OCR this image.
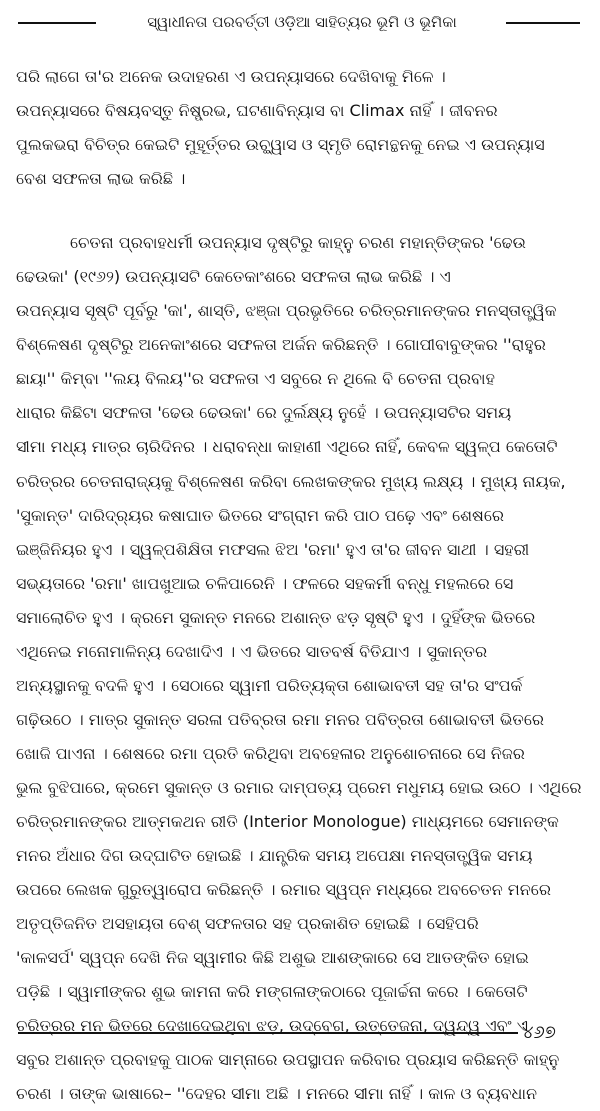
ସ୍ୱାଧୀନତା ପରବର୍ତ୍ତୀ ଓଡ଼ିଆ ସାହିତ୍ୟର ଭୂମି ଓ ଭୂମିକା
ପରି ଲାଗେ ତା'ର ଅନେକ ଉଦାହରଣ ଏ ଉପନ୍ୟାସରେ ଦେଖିବାକୁ ମିଳେ ।
ଉପନ୍ୟାସରେ ବିଷୟବସ୍ତୁ ନିଷ୍ପ୍ରଭ, ଘଟଣାବିନ୍ୟାସ ବା Climax ନାହିଁ । ଜୀବନର
ପୁଲକଭରା ବିଚିତ୍ର କେଇଟି ମୁହୂର୍ତ୍ତର ଉଚ୍ଛ୍ୱାସ ଓ ସ୍ମୃତି ରୋମନ୍ଥନକୁ ନେଇ ଏ ଉପନ୍ୟାସ
ବେଶ ସଫଳତା ଲାଭ କରିଛି ।
ଚେତନା ପ୍ରବାହଧର୍ମୀ ଉପନ୍ୟାସ ଦୃଷ୍ଟିରୁ କାହ୍ନୁ ଚରଣ ମହାନ୍ତିଙ୍କର 'ଢେଉ
ଢେଉକା' (୧୯୬୨) ଉପନ୍ୟାସଟି କେତେକାଂଶରେ ସଫଳତା ଲାଭ କରିଛି । ଏ
ଉପନ୍ୟାସ ସୃଷ୍ଟି ପୂର୍ବରୁ 'କା', ଶାସ୍ତି, ଝଞ୍ଜା ପ୍ରଭୃତିରେ ଚରିତ୍ରମାନଙ୍କର ମନସ୍ତାତ୍ତ୍ୱିକ
ବିଶ୍ଳେଷଣ ଦୃଷ୍ଟିରୁ ଅନେକାଂଶରେ ସଫଳତା ଅର୍ଜନ କରିଛନ୍ତି । ଗୋପୀବାବୁଙ୍କର ''ରାହୁର
ଛାୟା'' କିମ୍ବା ''ଲୟ ବିଲୟ''ର ସଫଳତା ଏ ସବୁରେ ନ ଥିଲେ ବି ଚେତନା ପ୍ରବାହ
ଧାରାର କିଛିଟା ସଫଳତା 'ଢେଉ ଢେଉକା' ରେ ଦୁର୍ଲକ୍ଷ୍ୟ ନୁହେଁ । ଉପନ୍ୟାସଟିର ସମୟ
ସୀମା ମଧ୍ୟ ମାତ୍ର ଚାରିଦିନର । ଧରାବନ୍ଧା କାହାଣୀ ଏଥିରେ ନାହିଁ, କେବଳ ସ୍ୱଳ୍ପ କେତୋଟି
ଚରିତ୍ରର ଚେତନାରାଜ୍ୟକୁ ବିଶ୍ଳେଷଣ କରିବା ଲେଖକଙ୍କର ମୁଖ୍ୟ ଲକ୍ଷ୍ୟ । ମୁଖ୍ୟ ନାୟକ,
'ସୁକାନ୍ତ' ଦାରିଦ୍ର୍ୟର କଷାଘାତ ଭିତରେ ସଂଗ୍ରାମ କରି ପାଠ ପଢ଼େ ଏବଂ ଶେଷରେ
ଇଞ୍ଜିନିୟର ହୁଏ । ସ୍ୱଳ୍ପଶିକ୍ଷିତା ମଫସଲ ଝିଅ 'ରମା' ହୁଏ ତା'ର ଜୀବନ ସାଥୀ । ସହରୀ
ସଭ୍ୟତାରେ 'ରମା' ଖାପଖୁଆଇ ଚଳିପାରେନି । ଫଳରେ ସହକର୍ମୀ ବନ୍ଧୁ ମହଲରେ ସେ
ସମାଲୋଚିତ ହୁଏ । କ୍ରମେ ସୁକାନ୍ତ ମନରେ ଅଶାନ୍ତ ଝଡ଼ ସୃଷ୍ଟି ହୁଏ । ଦୁହିଁଙ୍କ ଭିତରେ
ଏଥିନେଇ ମନୋମାଳିନ୍ୟ ଦେଖାଦିଏ । ଏ ଭିତରେ ସାତବର୍ଷ ବିତିଯାଏ । ସୁକାନ୍ତର
ଅନ୍ୟସ୍ଥାନକୁ ବଦଳି ହୁଏ । ସେଠାରେ ସ୍ୱାମୀ ପରିତ୍ୟକ୍ତା ଶୋଭାବତୀ ସହ ତା'ର ସଂପର୍କ
ଗଢ଼ିଉଠେ । ମାତ୍ର ସୁକାନ୍ତ ସରଳା ପତିବ୍ରତା ରମା ମନର ପବିତ୍ରତା ଶୋଭାବତୀ ଭିତରେ
ଖୋଜି ପାଏନା । ଶେଷରେ ରମା ପ୍ରତି କରିଥିବା ଅବହେଳାର ଅନୁଶୋଚନାରେ ସେ ନିଜର
ଭୁଲ ବୁଝିପାରେ, କ୍ରମେ ସୁକାନ୍ତ ଓ ରମାର ଦାମ୍ପତ୍ୟ ପ୍ରେମ ମଧୁମୟ ହୋଇ ଉଠେ । ଏଥିରେ
ଚରିତ୍ରମାନଙ୍କର ଆତ୍ମକଥନ ରୀତି (Interior Monologue) ମାଧ୍ୟମରେ ସେମାନଙ୍କ
ମନର ଅଁଧାର ଦିଗ ଉଦ୍‌ଘାଟିତ ହୋଇଛି । ଯାନ୍ତ୍ରିକ ସମୟ ଅପେକ୍ଷା ମନସ୍ତାତ୍ତ୍ୱିକ ସମୟ
ଉପରେ ଲେଖକ ଗୁରୁତ୍ୱାରୋପ କରିଛନ୍ତି । ରମାର ସ୍ୱପ୍ନ ମଧ୍ୟରେ ଅବଚେତନ ମନରେ
ଅତୃପ୍ତିଜନିତ ଅସହାୟତା ବେଶ୍ ସଫଳତାର ସହ ପ୍ରକାଶିତ ହୋଇଛି । ସେହିପରି
'କାଳସର୍ପ' ସ୍ୱପ୍ନ ଦେଖି ନିଜ ସ୍ୱାମୀର କିଛି ଅଶୁଭ ଆଶଙ୍କାରେ ସେ ଆତଙ୍କିତ ହୋଇ
ପଡ଼ିଛି । ସ୍ୱାମୀଙ୍କର ଶୁଭ କାମନା କରି ମଙ୍ଗଳାଙ୍କଠାରେ ପୂଜାର୍ଚ୍ଚନା କରେ । କେତୋଟି
ଚରିତ୍ରର ମନ ଭିତରେ ଦେଖାଦେଇଥିବା ଝଡ଼, ଉଦ୍‌ବେଗ, ଉତ୍ତେଜନା, ଦ୍ୱନ୍ଦ୍ୱ ଏବଂ ଏ
ସବୁର ଅଶାନ୍ତ ପ୍ରବାହକୁ ପାଠକ ସାମ୍ନାରେ ଉପସ୍ଥାପନ କରିବାର ପ୍ରୟାସ କରିଛନ୍ତି କାହ୍ନୁ
ଚରଣ । ତାଙ୍କ ଭାଷାରେ– ''ଦେହର ସୀମା ଅଛି । ମନରେ ସୀମା ନାହିଁ । କାଳ ଓ ବ୍ୟବଧାନ
୪୬୭
